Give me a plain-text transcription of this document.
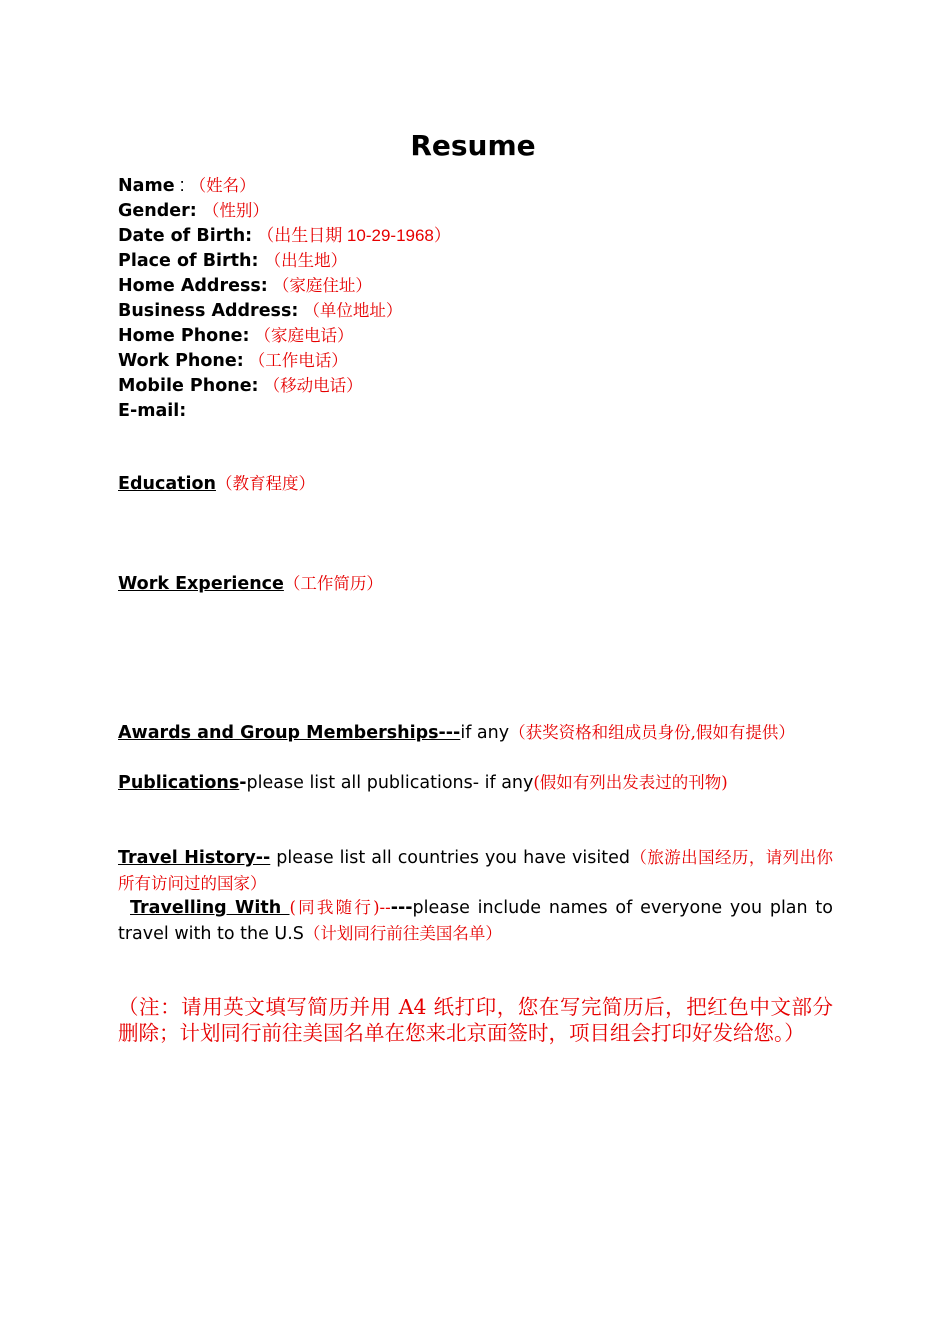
Resume
Name : （姓名）
Gender: （性别）
Date of Birth: （出生日期 10-29-1968）
Place of Birth: （出生地）
Home Address: （家庭住址）
Business Address: （单位地址）
Home Phone: （家庭电话）
Work Phone: （工作电话）
Mobile Phone: （移动电话）
E-mail:
Education（教育程度）
Work Experience（工作简历）
Awards and Group Memberships---if any（获奖资格和组成员身份,假如有提供）
Publications-please list all publications- if any(假如有列出发表过的刊物)
Travel History-- please list all countries you have visited（旅游出国经历，请列出你所有访问过的国家）
Travelling With (同我随行)-----please include names of everyone you plan to travel with to the U.S（计划同行前往美国名单）
（注：请用英文填写简历并用 A4 纸打印，您在写完简历后，把红色中文部分删除；计划同行前往美国名单在您来北京面签时，项目组会打印好发给您。）
